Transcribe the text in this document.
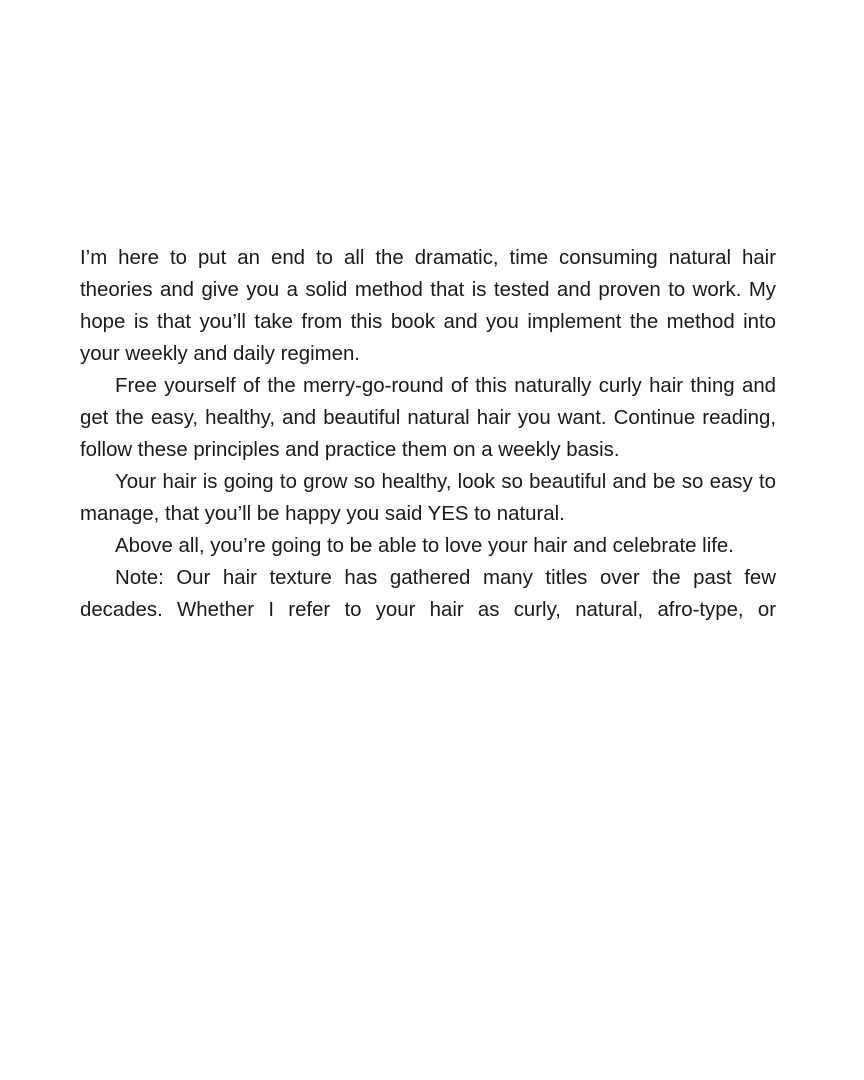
I’m here to put an end to all the dramatic, time consuming natural hair theories and give you a solid method that is tested and proven to work. My hope is that you’ll take from this book and you implement the method into your weekly and daily regimen.

Free yourself of the merry-go-round of this naturally curly hair thing and get the easy, healthy, and beautiful natural hair you want. Continue reading, follow these principles and practice them on a weekly basis.

Your hair is going to grow so healthy, look so beautiful and be so easy to manage, that you’ll be happy you said YES to natural.

Above all, you’re going to be able to love your hair and celebrate life.

Note: Our hair texture has gathered many titles over the past few decades. Whether I refer to your hair as curly, natural, afro-type, or
